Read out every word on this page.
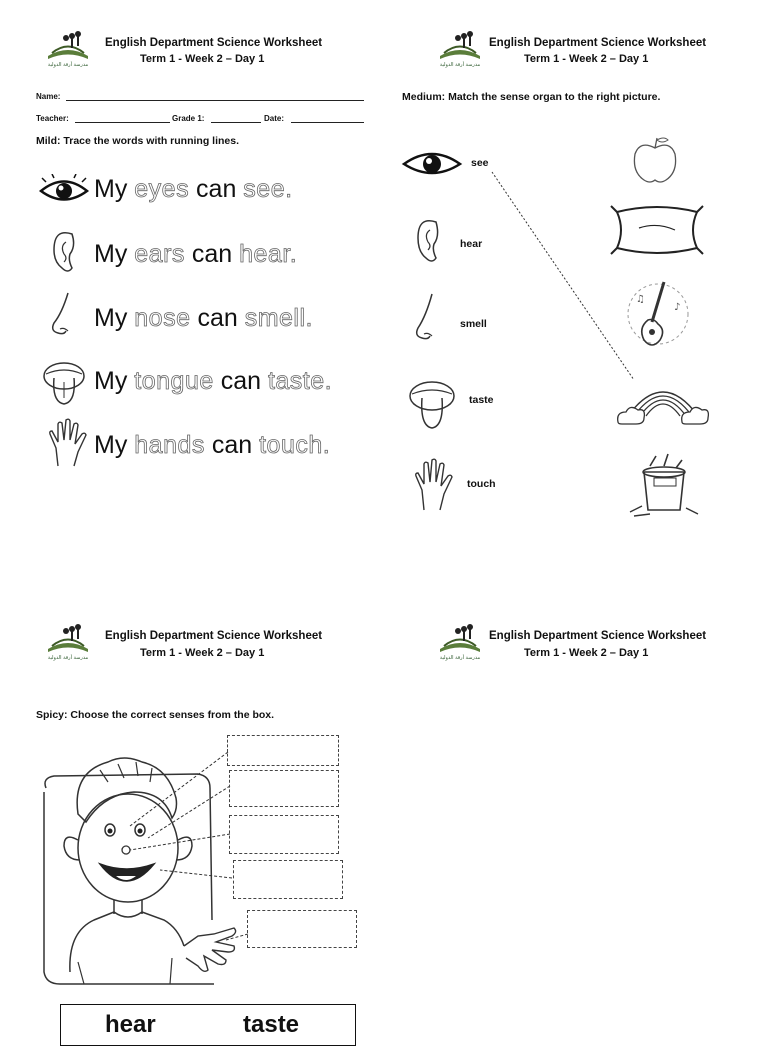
مدرسة أرقة الدولية
English Department Science Worksheet
Term 1 - Week 2 – Day 1	مدرسة أرقة الدولية
English Department Science Worksheet
Term 1 - Week 2 – Day 1
مدرسة أرقة الدولية
English Department Science Worksheet
Term 1 - Week 2 – Day 1	مدرسة أرقة الدولية
English Department Science Worksheet
Term 1 - Week 2 – Day 1
Name:
Teacher:	Grade 1:	Date:
Mild: Trace the words with running lines.
My eyes can see.
My ears can hear.
My nose can smell.
My tongue can taste.
My hands can touch.
Medium: Match the sense organ to the right picture.
see
hear
smell
taste
touch
♪
♫
Spicy: Choose the correct senses from the box.
hear	taste
